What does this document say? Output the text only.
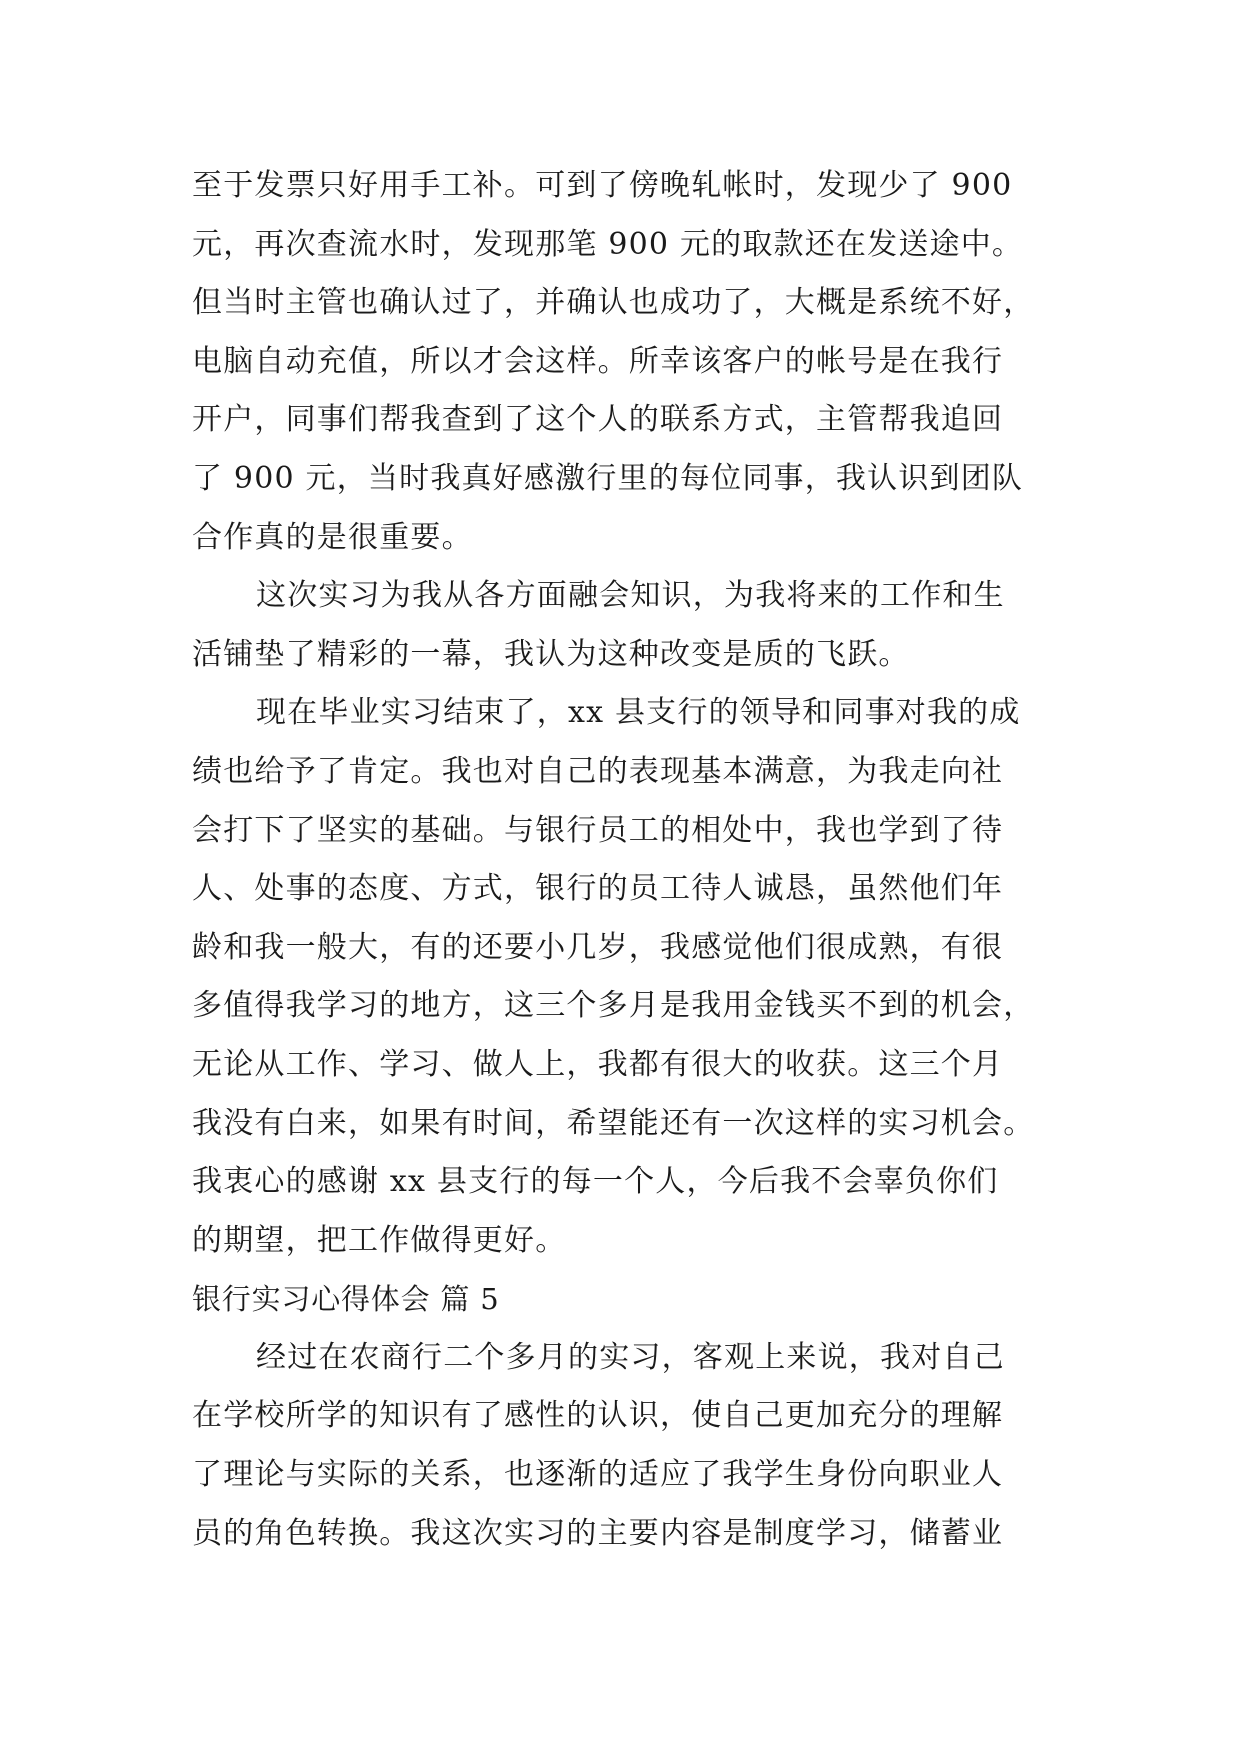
至于发票只好用手工补。可到了傍晚轧帐时，发现少了 900
元，再次查流水时，发现那笔 900 元的取款还在发送途中。
但当时主管也确认过了，并确认也成功了，大概是系统不好，
电脑自动充值，所以才会这样。所幸该客户的帐号是在我行
开户，同事们帮我查到了这个人的联系方式，主管帮我追回
了 900 元，当时我真好感激行里的每位同事，我认识到团队
合作真的是很重要。
这次实习为我从各方面融会知识，为我将来的工作和生
活铺垫了精彩的一幕，我认为这种改变是质的飞跃。
现在毕业实习结束了，xx 县支行的领导和同事对我的成
绩也给予了肯定。我也对自己的表现基本满意，为我走向社
会打下了坚实的基础。与银行员工的相处中，我也学到了待
人、处事的态度、方式，银行的员工待人诚恳，虽然他们年
龄和我一般大，有的还要小几岁，我感觉他们很成熟，有很
多值得我学习的地方，这三个多月是我用金钱买不到的机会，
无论从工作、学习、做人上，我都有很大的收获。这三个月
我没有白来，如果有时间，希望能还有一次这样的实习机会。
我衷心的感谢 xx 县支行的每一个人，今后我不会辜负你们
的期望，把工作做得更好。
银行实习心得体会 篇 5
经过在农商行二个多月的实习，客观上来说，我对自己
在学校所学的知识有了感性的认识，使自己更加充分的理解
了理论与实际的关系，也逐渐的适应了我学生身份向职业人
员的角色转换。我这次实习的主要内容是制度学习，储蓄业
